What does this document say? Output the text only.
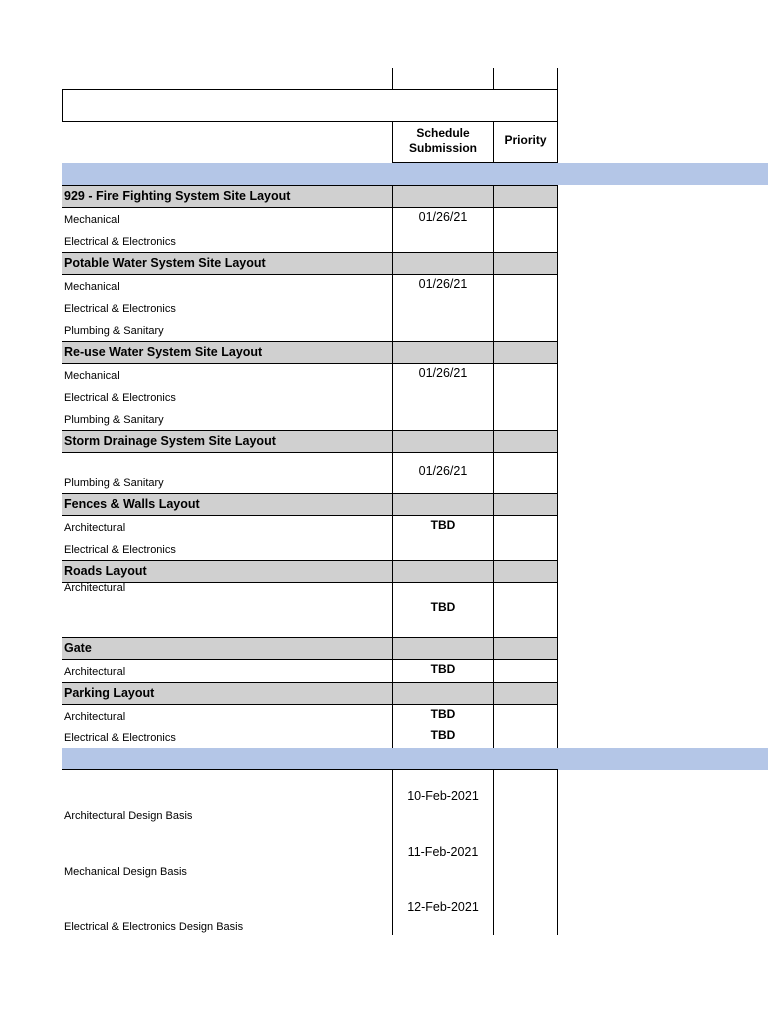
Schedule
Submission
Priority
929 - Fire Fighting System Site Layout
Mechanical
Electrical & Electronics
01/26/21
Potable Water System Site Layout
Mechanical
Electrical & Electronics
Plumbing & Sanitary
01/26/21
Re-use Water System Site Layout
Mechanical
Electrical & Electronics
Plumbing & Sanitary
01/26/21
Storm Drainage System Site Layout
Plumbing & Sanitary
01/26/21
Fences & Walls Layout
Architectural
Electrical & Electronics
TBD
Roads Layout
Architectural
TBD
Gate
Architectural	TBD
Parking Layout
Architectural
Electrical & Electronics
TBD
TBD
10-Feb-2021
Architectural Design Basis
11-Feb-2021
Mechanical Design Basis
12-Feb-2021
Electrical & Electronics Design Basis
